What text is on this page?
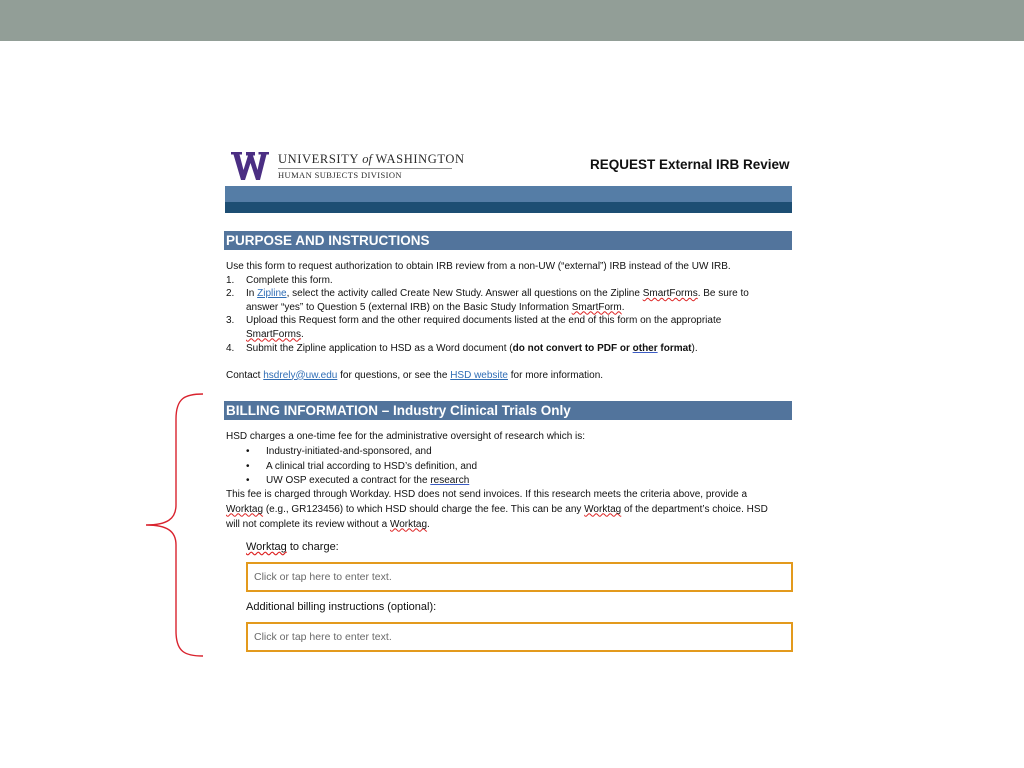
UNIVERSITY of WASHINGTON
HUMAN SUBJECTS DIVISION
REQUEST External IRB Review
PURPOSE AND INSTRUCTIONS
Use this form to request authorization to obtain IRB review from a non-UW (“external”) IRB instead of the UW IRB.
1.	Complete this form.
2.	In Zipline, select the activity called Create New Study. Answer all questions on the Zipline SmartForms. Be sure to
answer “yes” to Question 5 (external IRB) on the Basic Study Information SmartForm.
3.	Upload this Request form and the other required documents listed at the end of this form on the appropriate
SmartForms.
4.	Submit the Zipline application to HSD as a Word document (do not convert to PDF or other format).
Contact hsdrely@uw.edu for questions, or see the HSD website for more information.
BILLING INFORMATION – Industry Clinical Trials Only
HSD charges a one-time fee for the administrative oversight of research which is:
• Industry-initiated-and-sponsored, and
• A clinical trial according to HSD’s definition, and
• UW OSP executed a contract for the research
This fee is charged through Workday. HSD does not send invoices. If this research meets the criteria above, provide a
Worktag (e.g., GR123456) to which HSD should charge the fee. This can be any Worktag of the department’s choice. HSD
will not complete its review without a Worktag.
Worktag to charge:
Click or tap here to enter text.
Additional billing instructions (optional):
Click or tap here to enter text.
